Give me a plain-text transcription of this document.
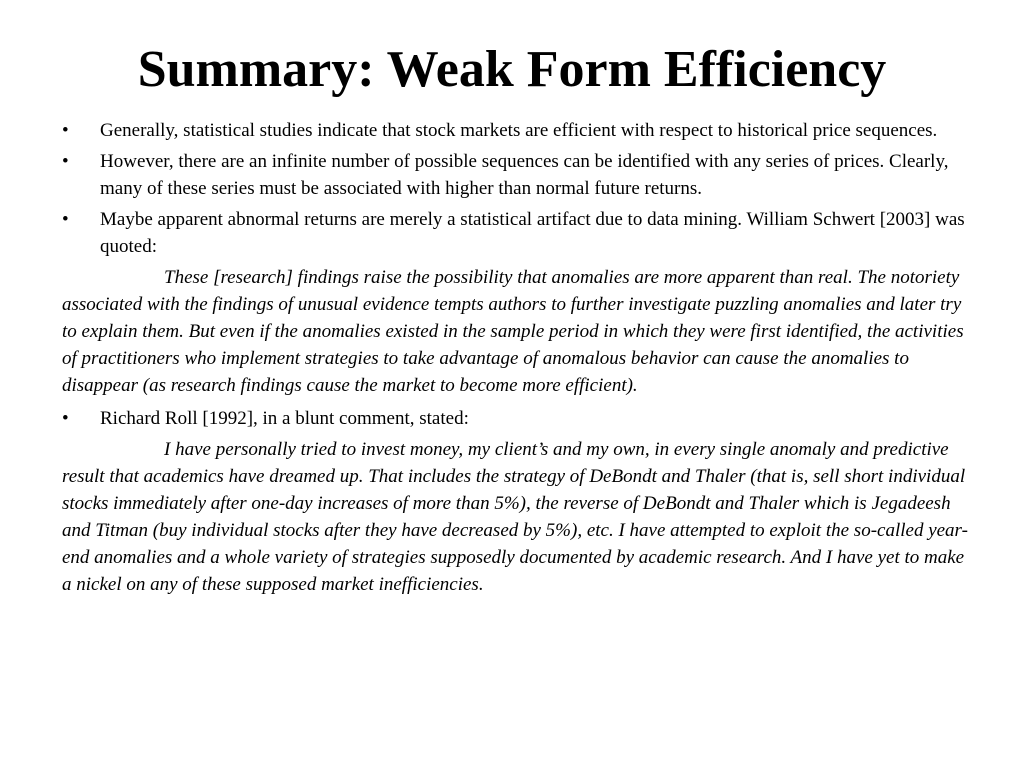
Summary: Weak Form Efficiency
• Generally, statistical studies indicate that stock markets are efficient with respect to historical price sequences.
• However, there are an infinite number of possible sequences can be identified with any series of prices. Clearly, many of these series must be associated with higher than normal future returns.
• Maybe apparent abnormal returns are merely a statistical artifact due to data mining. William Schwert [2003] was quoted:

These [research] findings raise the possibility that anomalies are more apparent than real. The notoriety associated with the findings of unusual evidence tempts authors to further investigate puzzling anomalies and later try to explain them. But even if the anomalies existed in the sample period in which they were first identified, the activities of practitioners who implement strategies to take advantage of anomalous behavior can cause the anomalies to disappear (as research findings cause the market to become more efficient).

• Richard Roll [1992], in a blunt comment, stated:

I have personally tried to invest money, my client’s and my own, in every single anomaly and predictive result that academics have dreamed up. That includes the strategy of DeBondt and Thaler (that is, sell short individual stocks immediately after one-day increases of more than 5%), the reverse of DeBondt and Thaler which is Jegadeesh and Titman (buy individual stocks after they have decreased by 5%), etc. I have attempted to exploit the so-called year-end anomalies and a whole variety of strategies supposedly documented by academic research. And I have yet to make a nickel on any of these supposed market inefficiencies.
